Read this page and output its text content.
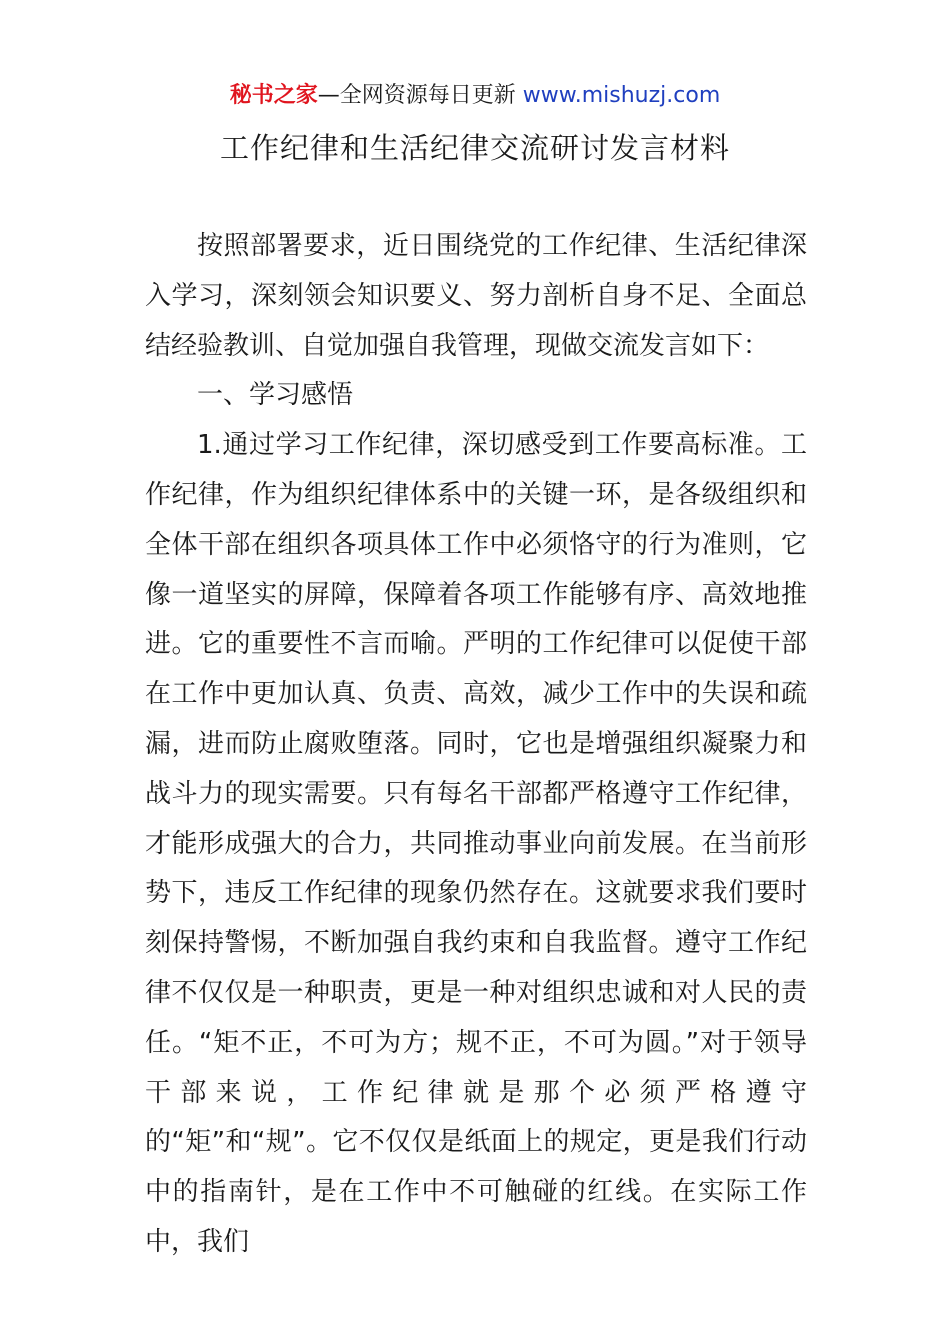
秘书之家—全网资源每日更新 www.mishuzj.com
工作纪律和生活纪律交流研讨发言材料

按照部署要求，近日围绕党的工作纪律、生活纪律深入学习，深刻领会知识要义、努力剖析自身不足、全面总结经验教训、自觉加强自我管理，现做交流发言如下：

一、学习感悟

1.通过学习工作纪律，深切感受到工作要高标准。工作纪律，作为组织纪律体系中的关键一环，是各级组织和全体干部在组织各项具体工作中必须恪守的行为准则，它像一道坚实的屏障，保障着各项工作能够有序、高效地推进。它的重要性不言而喻。严明的工作纪律可以促使干部在工作中更加认真、负责、高效，减少工作中的失误和疏漏，进而防止腐败堕落。同时，它也是增强组织凝聚力和战斗力的现实需要。只有每名干部都严格遵守工作纪律，才能形成强大的合力，共同推动事业向前发展。在当前形势下，违反工作纪律的现象仍然存在。这就要求我们要时刻保持警惕，不断加强自我约束和自我监督。遵守工作纪律不仅仅是一种职责，更是一种对组织忠诚和对人民的责任。“矩不正，不可为方；规不正，不可为圆。”对于领导干部来说，工作纪律就是那个必须严格遵守的“矩”和“规”。它不仅仅是纸面上的规定，更是我们行动中的指南针，是在工作中不可触碰的红线。在实际工作中，我们
